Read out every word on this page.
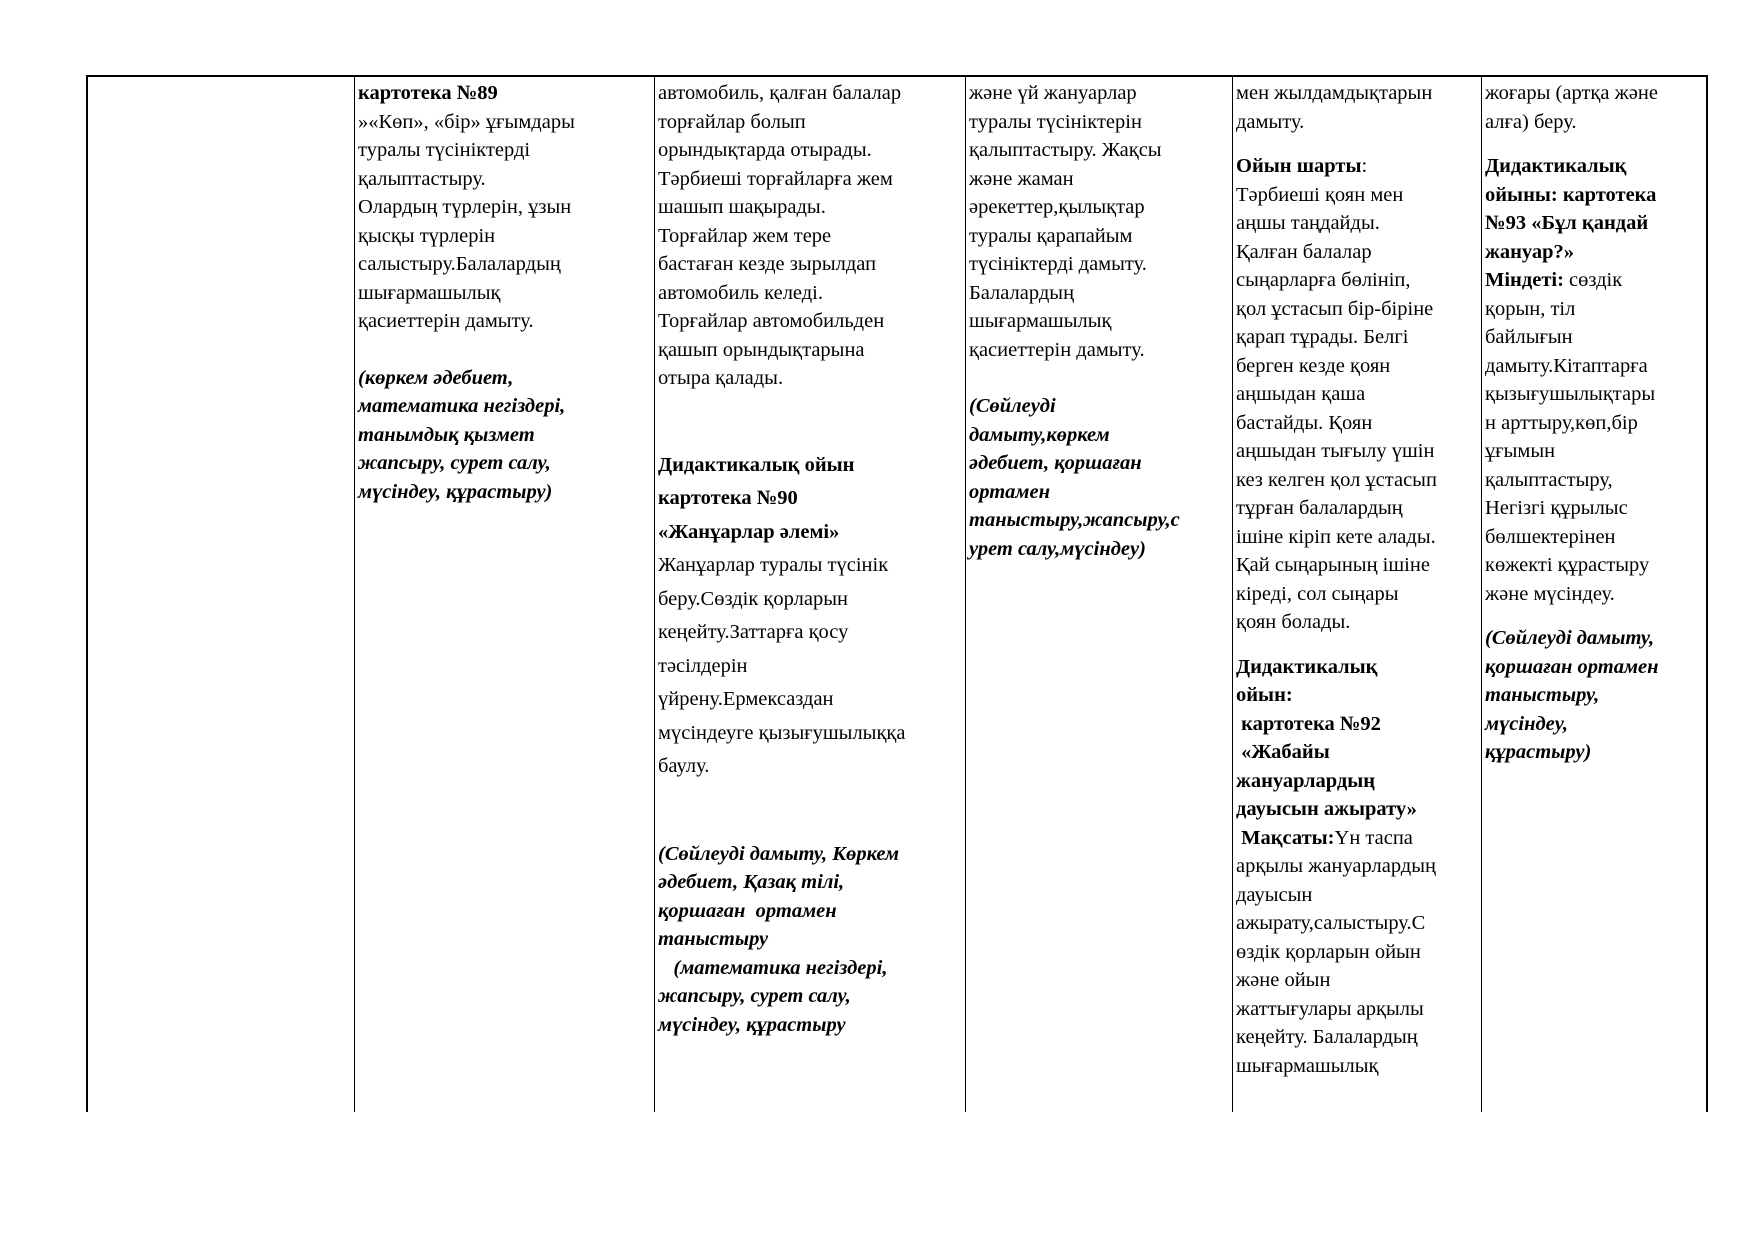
картотека №89
»«Көп», «бір» ұғымдары
туралы түсініктерді
қалыптастыру.
Олардың түрлерін, ұзын
қысқы түрлерін
салыстыру.Балалардың
шығармашылық
қасиеттерін дамыту.
(көркем әдебиет,
математика негіздері,
танымдық қызмет
жапсыру, сурет салу,
мүсіндеу, құрастыру)
автомобиль, қалған балалар
торғайлар болып
орындықтарда отырады.
Тәрбиеші торғайларға жем
шашып шақырады.
Торғайлар жем тере
бастаған кезде зырылдап
автомобиль келеді.
Торғайлар автомобильден
қашып орындықтарына
отыра қалады.
Дидактикалық ойын
картотека №90
«Жанұарлар әлемі»
Жанұарлар туралы түсінік
беру.Сөздік қорларын
кеңейту.Заттарға қосу
тәсілдерін
үйрену.Ермексаздан
мүсіндеуге қызығушылыққа
баулу.
(Сөйлеуді дамыту, Көркем
әдебиет, Қазақ тілі,
қоршаған  ортамен
таныстыру
(математика негіздері,
жапсыру, сурет салу,
мүсіндеу, құрастыру
және үй жануарлар
туралы түсініктерін
қалыптастыру. Жақсы
және жаман
әрекеттер,қылықтар
туралы қарапайым
түсініктерді дамыту.
Балалардың
шығармашылық
қасиеттерін дамыту.
(Сөйлеуді
дамыту,көркем
әдебиет, қоршаған
ортамен
таныстыру,жапсыру,с
урет салу,мүсіндеу)
мен жылдамдықтарын
дамыту.
Ойын шарты:
Тәрбиеші қоян мен
аңшы таңдайды.
Қалған балалар
сыңарларға бөлініп,
қол ұстасып бір-біріне
қарап тұрады. Белгі
берген кезде қоян
аңшыдан қаша
бастайды. Қоян
аңшыдан тығылу үшін
кез келген қол ұстасып
тұрған балалардың
ішіне кіріп кете алады.
Қай сыңарының ішіне
кіреді, сол сыңары
қоян болады.
Дидактикалық
ойын:
картотека №92
«Жабайы
жануарлардың
дауысын ажырату»
Мақсаты:Үн таспа
арқылы жануарлардың
дауысын
ажырату,салыстыру.С
өздік қорларын ойын
және ойын
жаттығулары арқылы
кеңейту. Балалардың
шығармашылық
жоғары (артқа және
алға) беру.
Дидактикалық
ойыны: картотека
№93 «Бұл қандай
жануар?»
Міндеті: сөздік
қорын, тіл
байлығын
дамыту.Кітаптарға
қызығушылықтары
н арттыру,көп,бір
ұғымын
қалыптастыру,
Негізгі құрылыс
бөлшектерінен
көжекті құрастыру
және мүсіндеу.
(Сөйлеуді дамыту,
қоршаған ортамен
таныстыру,
мүсіндеу,
құрастыру)
